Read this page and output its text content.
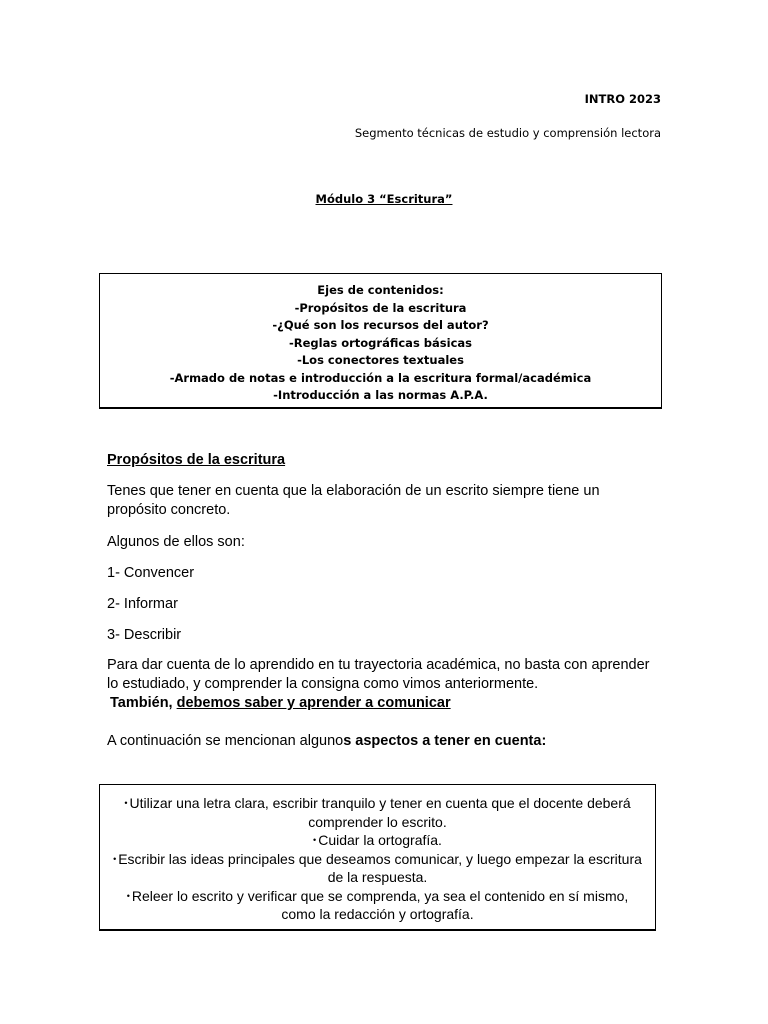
INTRO 2023
Segmento técnicas de estudio y comprensión lectora
Módulo 3 “Escritura”
Ejes de contenidos:
-Propósitos de la escritura
-¿Qué son los recursos del autor?
-Reglas ortográficas básicas
-Los conectores textuales
-Armado de notas e introducción a la escritura formal/académica
-Introducción a las normas A.P.A.
Propósitos de la escritura
Tenes que tener en cuenta que la elaboración de un escrito siempre tiene un propósito concreto.
Algunos de ellos son:
1- Convencer
2- Informar
3- Describir
Para dar cuenta de lo aprendido en tu trayectoria académica, no basta con aprender lo estudiado, y comprender la consigna como vimos anteriormente.
También, debemos saber y aprender a comunicar
A continuación se mencionan algunos aspectos a tener en cuenta:
• Utilizar una letra clara, escribir tranquilo y tener en cuenta que el docente deberá comprender lo escrito.
• Cuidar la ortografía.
• Escribir las ideas principales que deseamos comunicar, y luego empezar la escritura de la respuesta.
• Releer lo escrito y verificar que se comprenda, ya sea el contenido en sí mismo, como la redacción y ortografía.
